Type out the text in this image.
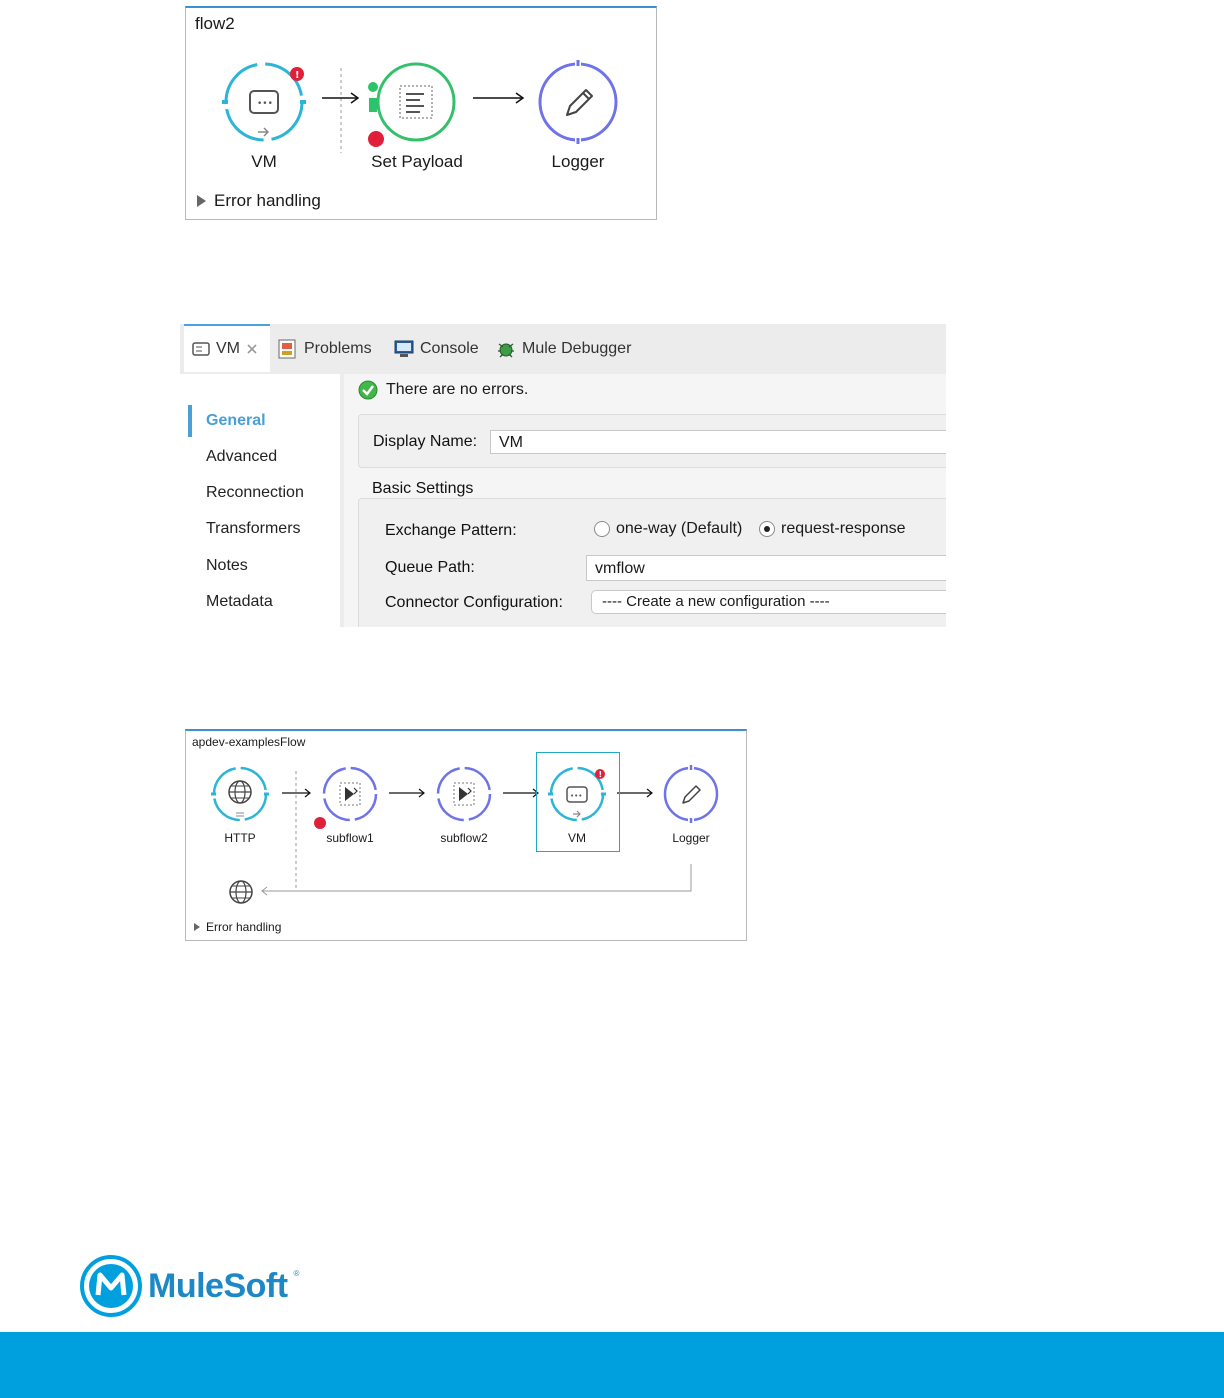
flow2
•••
!
VM	Set Payload	Logger
Error handling
VM	Problems	Console	Mule Debugger
General
Advanced
Reconnection
Transformers
Notes
Metadata
There are no errors.
Display Name:	VM
Basic Settings
Exchange Pattern:	one-way (Default) request-response
Queue Path:	vmflow
Connector Configuration:	---- Create a new configuration ----
apdev-examplesFlow
HTTP	subflow1	subflow2
•••
!
VM	Logger
Error handling
MuleSoft ®
